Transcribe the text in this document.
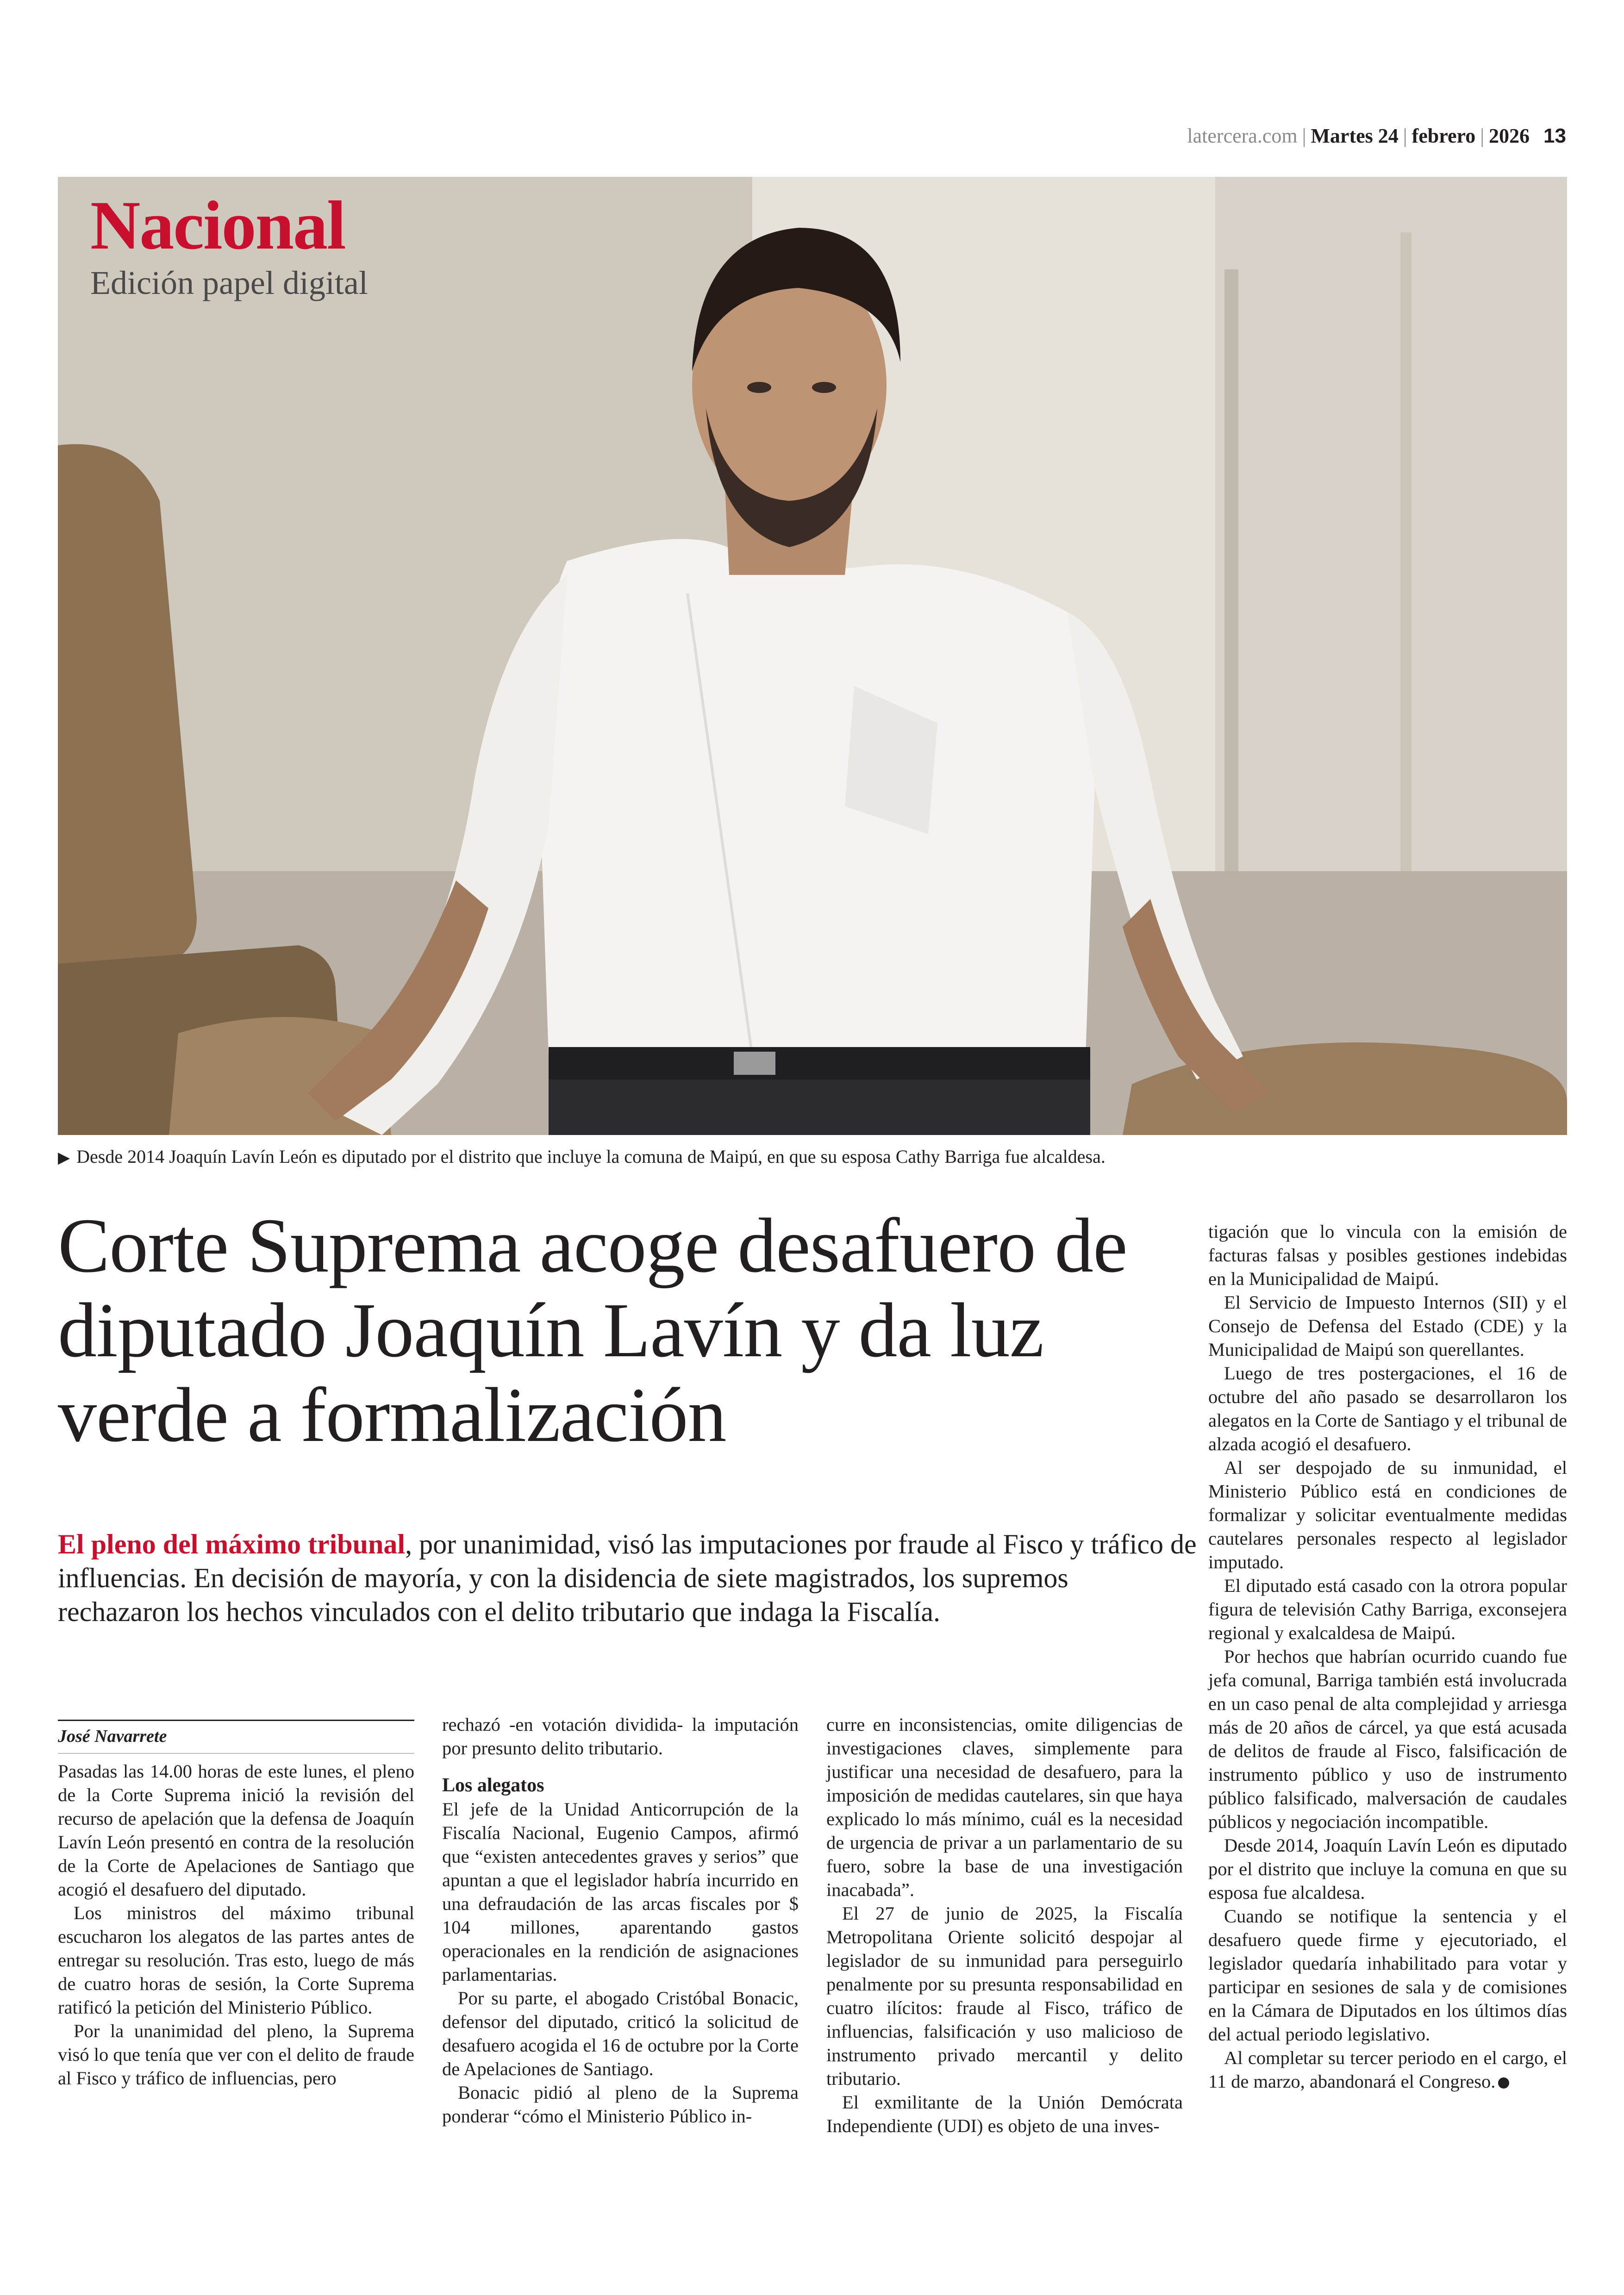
latercera.com | Martes 24 | febrero | 2026 13
Nacional
Edición papel digital
▶ Desde 2014 Joaquín Lavín León es diputado por el distrito que incluye la comuna de Maipú, en que su esposa Cathy Barriga fue alcaldesa.
Corte Suprema acoge desafuero de diputado Joaquín Lavín y da luz verde a formalización
El pleno del máximo tribunal, por unanimidad, visó las imputaciones por fraude al Fisco y tráfico de influencias. En decisión de mayoría, y con la disidencia de siete magistrados, los supremos rechazaron los hechos vinculados con el delito tributario que indaga la Fiscalía.
José Navarrete

Pasadas las 14.00 horas de este lunes, el pleno de la Corte Suprema inició la revisión del recurso de apelación que la defensa de Joaquín Lavín León presentó en contra de la resolución de la Corte de Apelaciones de Santiago que acogió el desafuero del diputado.

Los ministros del máximo tribunal escucharon los alegatos de las partes antes de entregar su resolución. Tras esto, luego de más de cuatro horas de sesión, la Corte Suprema ratificó la petición del Ministerio Público.

Por la unanimidad del pleno, la Suprema visó lo que tenía que ver con el delito de fraude al Fisco y tráfico de influencias, pero

rechazó -en votación dividida- la imputación por presunto delito tributario.

Los alegatos

El jefe de la Unidad Anticorrupción de la Fiscalía Nacional, Eugenio Campos, afirmó que “existen antecedentes graves y serios” que apuntan a que el legislador habría incurrido en una defraudación de las arcas fiscales por $ 104 millones, aparentando gastos operacionales en la rendición de asignaciones parlamentarias.

Por su parte, el abogado Cristóbal Bonacic, defensor del diputado, criticó la solicitud de desafuero acogida el 16 de octubre por la Corte de Apelaciones de Santiago.

Bonacic pidió al pleno de la Suprema ponderar “cómo el Ministerio Público in-

curre en inconsistencias, omite diligencias de investigaciones claves, simplemente para justificar una necesidad de desafuero, para la imposición de medidas cautelares, sin que haya explicado lo más mínimo, cuál es la necesidad de urgencia de privar a un parlamentario de su fuero, sobre la base de una investigación inacabada”.

El 27 de junio de 2025, la Fiscalía Metropolitana Oriente solicitó despojar al legislador de su inmunidad para perseguirlo penalmente por su presunta responsabilidad en cuatro ilícitos: fraude al Fisco, tráfico de influencias, falsificación y uso malicioso de instrumento privado mercantil y delito tributario.

El exmilitante de la Unión Demócrata Independiente (UDI) es objeto de una inves-

tigación que lo vincula con la emisión de facturas falsas y posibles gestiones indebidas en la Municipalidad de Maipú.

El Servicio de Impuesto Internos (SII) y el Consejo de Defensa del Estado (CDE) y la Municipalidad de Maipú son querellantes.

Luego de tres postergaciones, el 16 de octubre del año pasado se desarrollaron los alegatos en la Corte de Santiago y el tribunal de alzada acogió el desafuero.

Al ser despojado de su inmunidad, el Ministerio Público está en condiciones de formalizar y solicitar eventualmente medidas cautelares personales respecto al legislador imputado.

El diputado está casado con la otrora popular figura de televisión Cathy Barriga, exconsejera regional y exalcaldesa de Maipú.

Por hechos que habrían ocurrido cuando fue jefa comunal, Barriga también está involucrada en un caso penal de alta complejidad y arriesga más de 20 años de cárcel, ya que está acusada de delitos de fraude al Fisco, falsificación de instrumento público y uso de instrumento público falsificado, malversación de caudales públicos y negociación incompatible.

Desde 2014, Joaquín Lavín León es diputado por el distrito que incluye la comuna en que su esposa fue alcaldesa.

Cuando se notifique la sentencia y el desafuero quede firme y ejecutoriado, el legislador quedaría inhabilitado para votar y participar en sesiones de sala y de comisiones en la Cámara de Diputados en los últimos días del actual periodo legislativo.

Al completar su tercer periodo en el cargo, el 11 de marzo, abandonará el Congreso.
